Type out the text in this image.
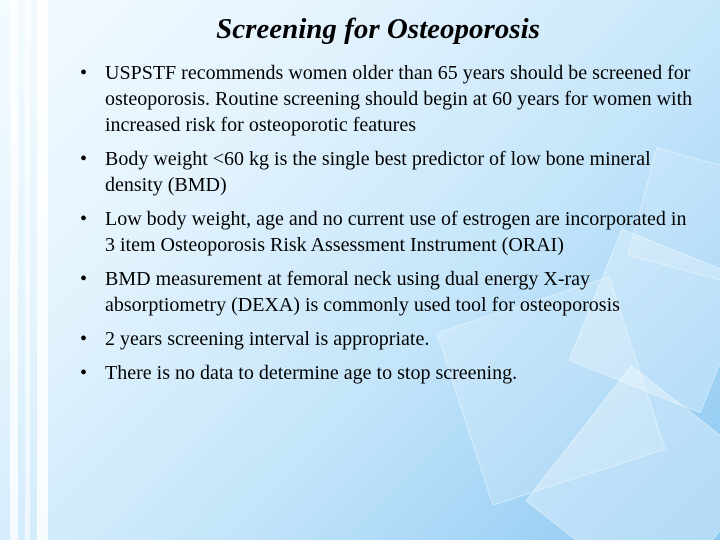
Screening for Osteoporosis
• USPSTF recommends women older than 65 years should be screened for osteoporosis. Routine screening should begin at 60 years for women with increased risk for osteoporotic features
• Body weight <60 kg is the single best predictor of low bone mineral density (BMD)
• Low body weight, age and no current use of estrogen are incorporated in 3 item Osteoporosis Risk Assessment Instrument (ORAI)
• BMD measurement at femoral neck using dual energy X-ray absorptiometry (DEXA) is commonly used tool for osteoporosis
• 2 years screening interval is appropriate.
• There is no data to determine age to stop screening.
